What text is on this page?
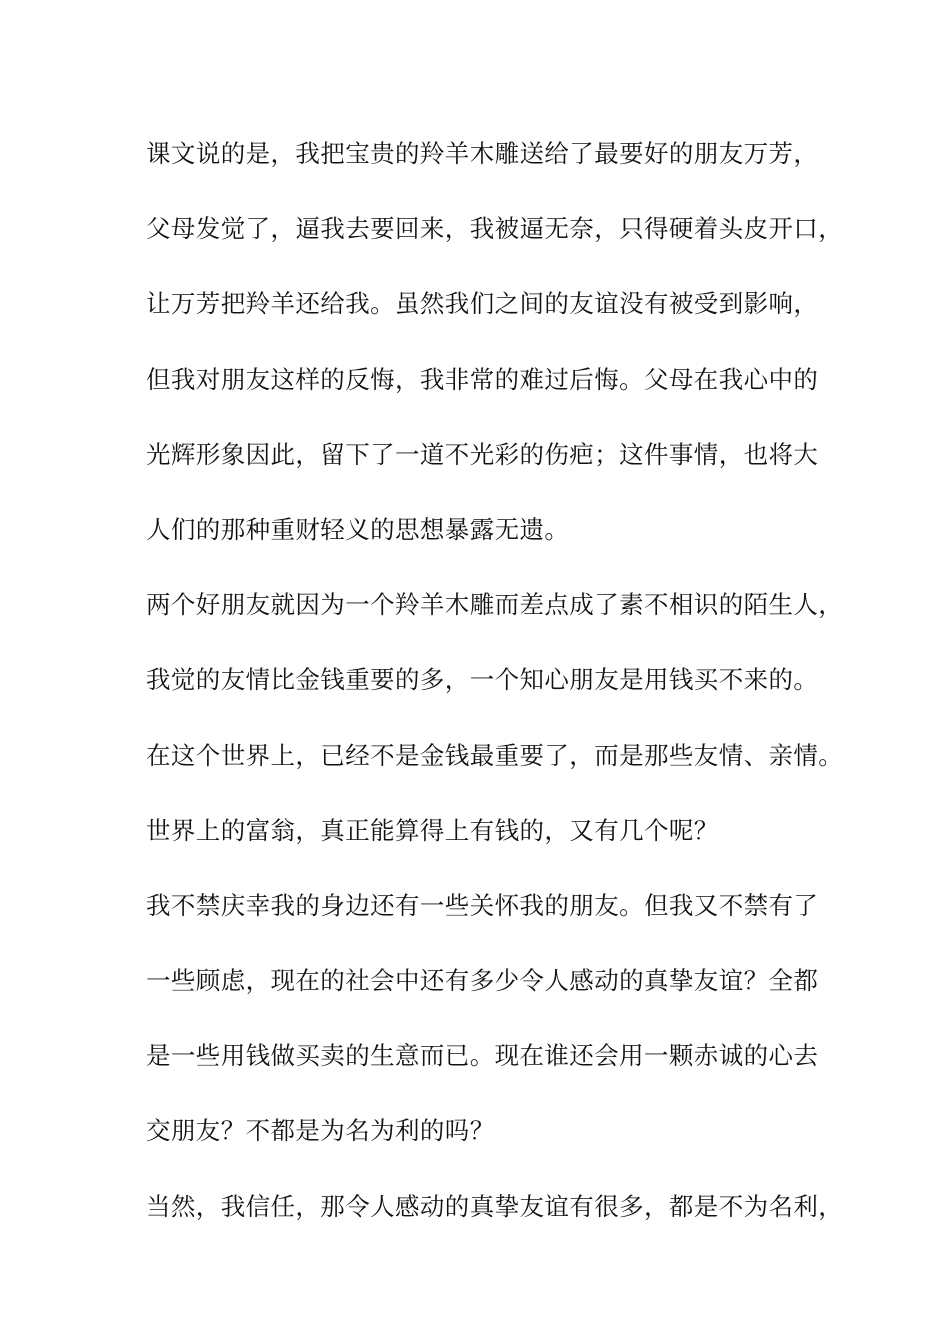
课文说的是，我把宝贵的羚羊木雕送给了最要好的朋友万芳，
父母发觉了，逼我去要回来，我被逼无奈，只得硬着头皮开口，
让万芳把羚羊还给我。虽然我们之间的友谊没有被受到影响，
但我对朋友这样的反悔，我非常的难过后悔。父母在我心中的
光辉形象因此，留下了一道不光彩的伤疤；这件事情，也将大
人们的那种重财轻义的思想暴露无遗。
两个好朋友就因为一个羚羊木雕而差点成了素不相识的陌生人，
我觉的友情比金钱重要的多，一个知心朋友是用钱买不来的。
在这个世界上，已经不是金钱最重要了，而是那些友情、亲情。
世界上的富翁，真正能算得上有钱的，又有几个呢？
我不禁庆幸我的身边还有一些关怀我的朋友。但我又不禁有了
一些顾虑，现在的社会中还有多少令人感动的真挚友谊？全都
是一些用钱做买卖的生意而已。现在谁还会用一颗赤诚的心去
交朋友？不都是为名为利的吗？
当然，我信任，那令人感动的真挚友谊有很多，都是不为名利，
